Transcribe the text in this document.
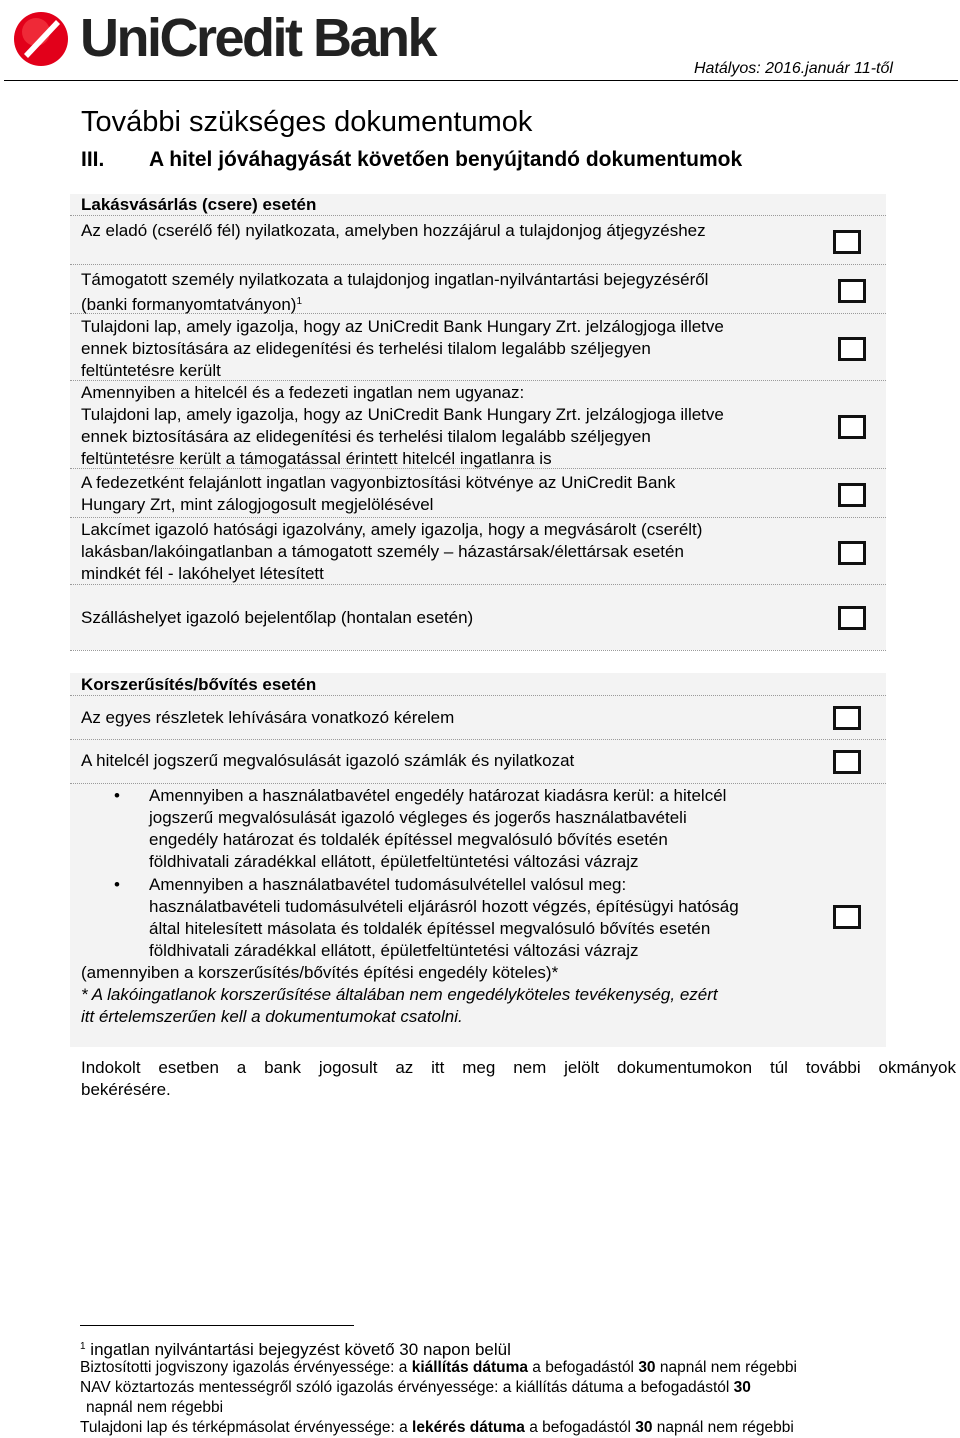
UniCredit Bank
Hatályos: 2016.január 11-től
További szükséges dokumentumok
III. A hitel jóváhagyását követően benyújtandó dokumentumok
Lakásvásárlás (csere) esetén
Az eladó (cserélő fél) nyilatkozata, amelyben hozzájárul a tulajdonjog átjegyzéshez
Támogatott személy nyilatkozata a tulajdonjog ingatlan-nyilvántartási bejegyzéséről
(banki formanyomtatványon)$^1$
Tulajdoni lap, amely igazolja, hogy az UniCredit Bank Hungary Zrt. jelzálogjoga illetve
ennek biztosítására az elidegenítési és terhelési tilalom legalább széljegyen
feltüntetésre került
Amennyiben a hitelcél és a fedezeti ingatlan nem ugyanaz:
Tulajdoni lap, amely igazolja, hogy az UniCredit Bank Hungary Zrt. jelzálogjoga illetve
ennek biztosítására az elidegenítési és terhelési tilalom legalább széljegyen
feltüntetésre került a támogatással érintett hitelcél ingatlanra is
A fedezetként felajánlott ingatlan vagyonbiztosítási kötvénye az UniCredit Bank
Hungary Zrt, mint zálogjogosult megjelölésével
Lakcímet igazoló hatósági igazolvány, amely igazolja, hogy a megvásárolt (cserélt)
lakásban/lakóingatlanban a támogatott személy – házastársak/élettársak esetén
mindkét fél - lakóhelyet létesített
Szálláshelyet igazoló bejelentőlap (hontalan esetén)
Korszerűsítés/bővítés esetén
Az egyes részletek lehívására vonatkozó kérelem
A hitelcél jogszerű megvalósulását igazoló számlák és nyilatkozat
• Amennyiben a használatbavétel engedély határozat kiadásra kerül: a hitelcél
jogszerű megvalósulását igazoló végleges és jogerős használatbavételi
engedély határozat és toldalék építéssel megvalósuló bővítés esetén
földhivatali záradékkal ellátott, épületfeltüntetési változási vázrajz
• Amennyiben a használatbavétel tudomásulvétellel valósul meg:
használatbavételi tudomásulvételi eljárásról hozott végzés, építésügyi hatóság
által hitelesített másolata és toldalék építéssel megvalósuló bővítés esetén
földhivatali záradékkal ellátott, épületfeltüntetési változási vázrajz
(amennyiben a korszerűsítés/bővítés építési engedély köteles)*
* A lakóingatlanok korszerűsítése általában nem engedélyköteles tevékenység, ezért
itt értelemszerűen kell a dokumentumokat csatolni.
Indokolt esetben a bank jogosult az itt meg nem jelölt dokumentumokon túl további okmányok
bekérésére.
$^1$ ingatlan nyilvántartási bejegyzést követő 30 napon belül
Biztosítotti jogviszony igazolás érvényessége: a kiállítás dátuma a befogadástól 30 napnál nem régebbi
NAV köztartozás mentességről szóló igazolás érvényessége: a kiállítás dátuma a befogadástól 30
napnál nem régebbi
Tulajdoni lap és térképmásolat érvényessége: a lekérés dátuma a befogadástól 30 napnál nem régebbi
